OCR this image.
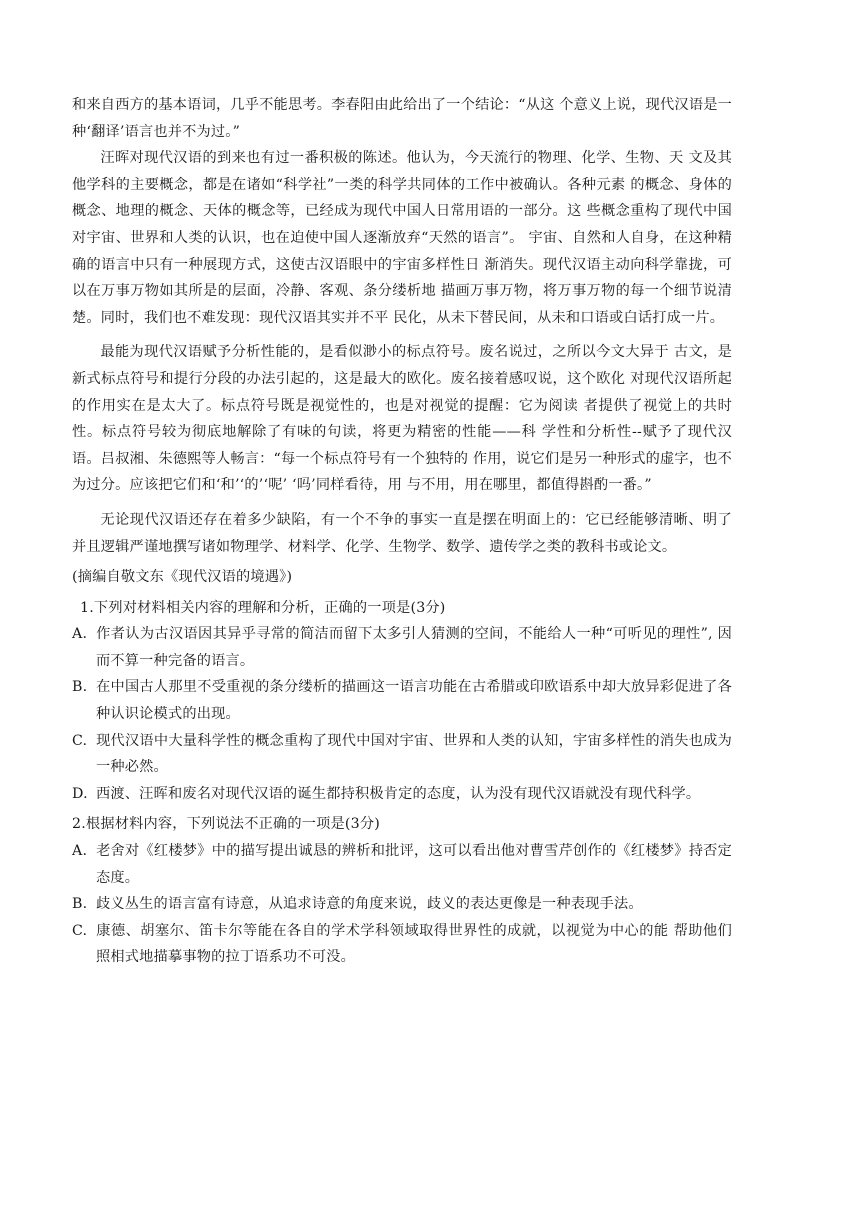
和来自西方的基本语词，几乎不能思考。李春阳由此给出了一个结论：“从这 个意义上说，现代汉语是一种‘翻译’语言也并不为过。”

汪晖对现代汉语的到来也有过一番积极的陈述。他认为，今天流行的物理、化学、生物、天 文及其他学科的主要概念，都是在诸如“科学社”一类的科学共同体的工作中被确认。各种元素 的概念、身体的概念、地理的概念、天体的概念等，已经成为现代中国人日常用语的一部分。这 些概念重构了现代中国对宇宙、世界和人类的认识，也在迫使中国人逐渐放弃“天然的语言”。 宇宙、自然和人自身，在这种精确的语言中只有一种展现方式，这使古汉语眼中的宇宙多样性日 渐消失。现代汉语主动向科学靠拢，可以在万事万物如其所是的层面，冷静、客观、条分缕析地 描画万事万物，将万事万物的每一个细节说清楚。同时，我们也不难发现：现代汉语其实并不平 民化，从未下替民间，从未和口语或白话打成一片。

最能为现代汉语赋予分析性能的，是看似渺小的标点符号。废名说过，之所以今文大异于 古文，是新式标点符号和提行分段的办法引起的，这是最大的欧化。废名接着感叹说，这个欧化 对现代汉语所起的作用实在是太大了。标点符号既是视觉性的，也是对视觉的提醒：它为阅读 者提供了视觉上的共时性。标点符号较为彻底地解除了有味的句读，将更为精密的性能——科 学性和分析性--赋予了现代汉语。吕叔湘、朱德熙等人畅言：“每一个标点符号有一个独特的 作用，说它们是另一种形式的虚字，也不为过分。应该把它们和‘和’‘的’‘呢’ ‘吗’同样看待，用 与不用，用在哪里，都值得斟酌一番。”

无论现代汉语还存在着多少缺陷，有一个不争的事实一直是摆在明面上的：它已经能够清晰、明了并且逻辑严谨地撰写诸如物理学、材料学、化学、生物学、数学、遗传学之类的教科书或论文。

(摘编自敬文东《现代汉语的境遇》)

1.下列对材料相关内容的理解和分析，正确的一项是(3分)

A. 作者认为古汉语因其异乎寻常的简洁而留下太多引人猜测的空间，不能给人一种“可听见的理性”, 因而不算一种完备的语言。

B. 在中国古人那里不受重视的条分缕析的描画这一语言功能在古希腊或印欧语系中却大放异彩促进了各种认识论模式的出现。

C. 现代汉语中大量科学性的概念重构了现代中国对宇宙、世界和人类的认知，宇宙多样性的消失也成为一种必然。

D. 西渡、汪晖和废名对现代汉语的诞生都持积极肯定的态度，认为没有现代汉语就没有现代科学。

2.根据材料内容，下列说法不正确的一项是(3分)

A. 老舍对《红楼梦》中的描写提出诚恳的辨析和批评，这可以看出他对曹雪芹创作的《红楼梦》持否定态度。

B. 歧义丛生的语言富有诗意，从追求诗意的角度来说，歧义的表达更像是一种表现手法。

C. 康德、胡塞尔、笛卡尔等能在各自的学术学科领域取得世界性的成就，以视觉为中心的能 帮助他们照相式地描摹事物的拉丁语系功不可没。
